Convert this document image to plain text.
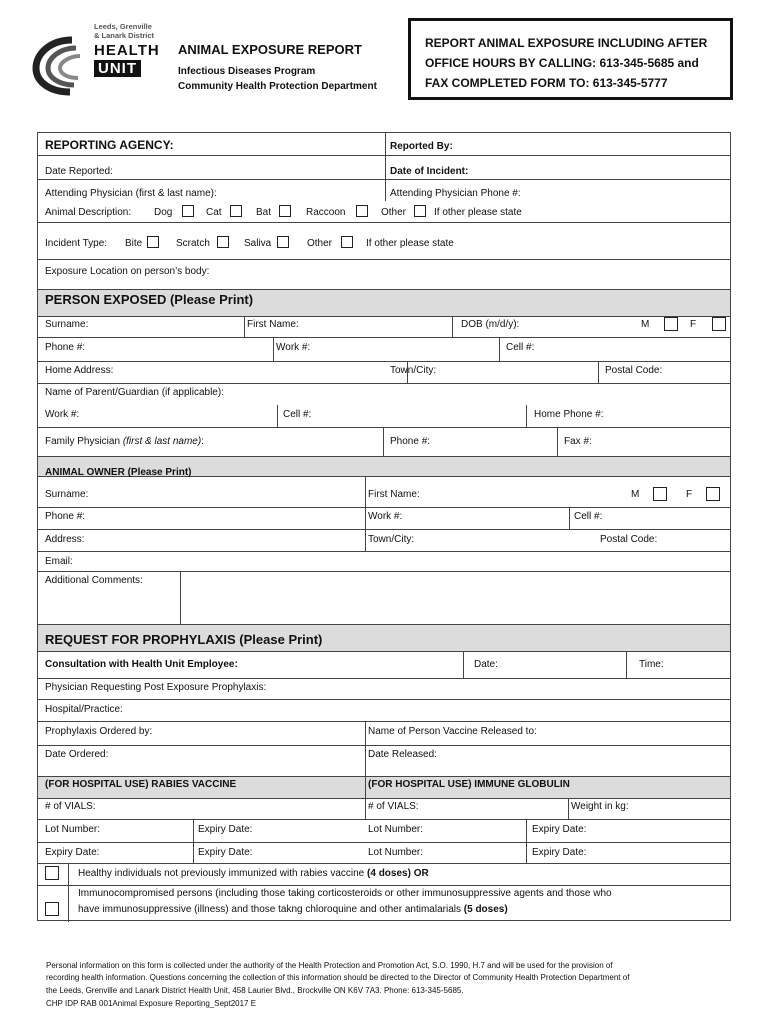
Leeds, Grenville
& Lanark District
HEALTH
UNIT
ANIMAL EXPOSURE REPORT
Infectious Diseases Program
Community Health Protection Department
REPORT ANIMAL EXPOSURE INCLUDING AFTER
OFFICE HOURS BY CALLING: 613-345-5685 and
FAX COMPLETED FORM TO: 613-345-5777
REPORTING AGENCY:	Reported By:
Date Reported:	Date of Incident:
Attending Physician (first & last name):	Attending Physician Phone #:
Animal Description: Dog	Cat	Bat	Raccoon	Other	If other please state
Incident Type: Bite	Scratch	Saliva	Other	If other please state
Exposure Location on person’s body:
PERSON EXPOSED (Please Print)
Surname:	First Name:	DOB (m/d/y):	M	F
Phone #:	Work #:	Cell #:
Home Address:	Town/City:	Postal Code:
Name of Parent/Guardian (if applicable):
Work #:	Cell #:	Home Phone #:
Family Physician (first & last name):	Phone #:	Fax #:
ANIMAL OWNER (Please Print)
Surname:	First Name:	M	F
Phone #:	Work #:	Cell #:
Address:	Town/City:	Postal Code:
Email:
Additional Comments:
REQUEST FOR PROPHYLAXIS (Please Print)
Consultation with Health Unit Employee:	Date:	Time:
Physician Requesting Post Exposure Prophylaxis:
Hospital/Practice:
Prophylaxis Ordered by:	Name of Person Vaccine Released to:
Date Ordered:	Date Released:
(FOR HOSPITAL USE) RABIES VACCINE	(FOR HOSPITAL USE) IMMUNE GLOBULIN
# of VIALS:	# of VIALS:	Weight in kg:
Lot Number:	Expiry Date:	Lot Number:	Expiry Date:
Expiry Date:	Expiry Date:	Lot Number:	Expiry Date:
Healthy individuals not previously immunized with rabies vaccine (4 doses) OR
Immunocompromised persons (including those taking corticosteroids or other immunosuppressive agents and those who
have immunosuppressive (illness) and those takng chloroquine and other antimalarials (5 doses)
Personal information on this form is collected under the authority of the Health Protection and Promotion Act, S.O. 1990, H.7 and will be used for the provision of
recording health information. Questions concerning the collection of this information should be directed to the Director of Community Health Protection Department of
the Leeds, Grenville and Lanark District Health Unit, 458 Laurier Blvd., Brockville ON K6V 7A3. Phone: 613-345-5685.
CHP IDP RAB 001Animal Exposure Reporting_Sept2017 E
